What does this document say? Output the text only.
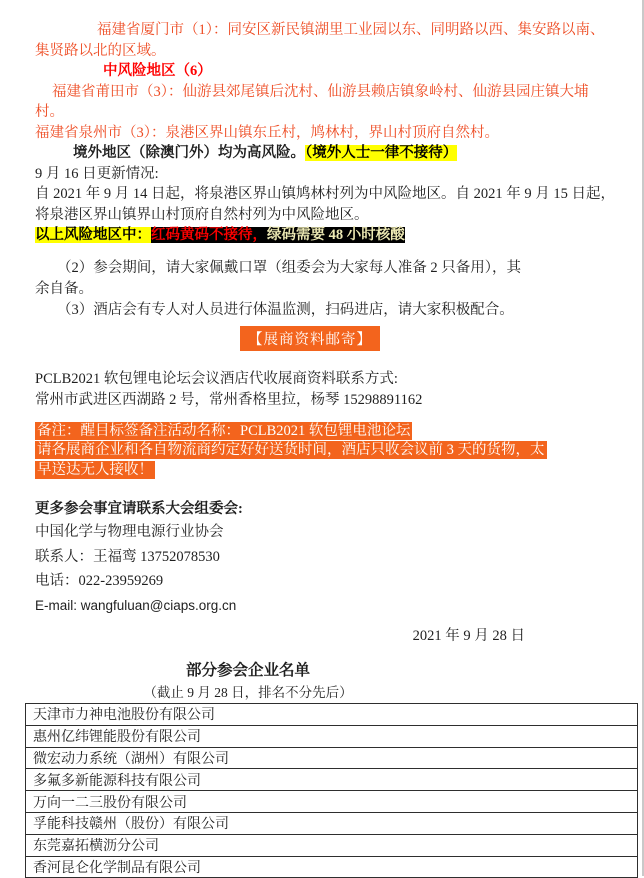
福建省厦门市（1）：同安区新民镇湖里工业园以东、同明路以西、集安路以南、
集贤路以北的区域。
中风险地区（6）
福建省莆田市（3）：仙游县郊尾镇后沈村、仙游县赖店镇象岭村、仙游县园庄镇大埔
村。
福建省泉州市（3）：泉港区界山镇东丘村，鸠林村，界山村顶府自然村。
境外地区（除澳门外）均为高风险。（境外人士一律不接待）
9 月 16 日更新情况:
自 2021 年 9 月 14 日起，将泉港区界山镇鸠林村列为中风险地区。自 2021 年 9 月 15 日起，
将泉港区界山镇界山村顶府自然村列为中风险地区。
以上风险地区中：红码黄码不接待，绿码需要 48 小时核酸
（2）参会期间，请大家佩戴口罩（组委会为大家每人准备 2 只备用），其
余自备。
（3）酒店会有专人对人员进行体温监测，扫码进店，请大家积极配合。
【展商资料邮寄】
PCLB2021 软包锂电论坛会议酒店代收展商资料联系方式:
常州市武进区西湖路 2 号，常州香格里拉，杨琴 15298891162
备注：醒目标签备注活动名称：PCLB2021 软包锂电池论坛
请各展商企业和各自物流商约定好好送货时间，酒店只收会议前 3 天的货物，太
早送达无人接收！
更多参会事宜请联系大会组委会:
中国化学与物理电源行业协会
联系人：王福鸾 13752078530
电话：022-23959269
E-mail: wangfuluan@ciaps.org.cn
2021 年 9 月 28 日
部分参会企业名单
（截止 9 月 28 日，排名不分先后）
天津市力神电池股份有限公司
惠州亿纬锂能股份有限公司
微宏动力系统（湖州）有限公司
多氟多新能源科技有限公司
万向一二三股份有限公司
孚能科技赣州（股份）有限公司
东莞嘉拓横沥分公司
香河昆仑化学制品有限公司
